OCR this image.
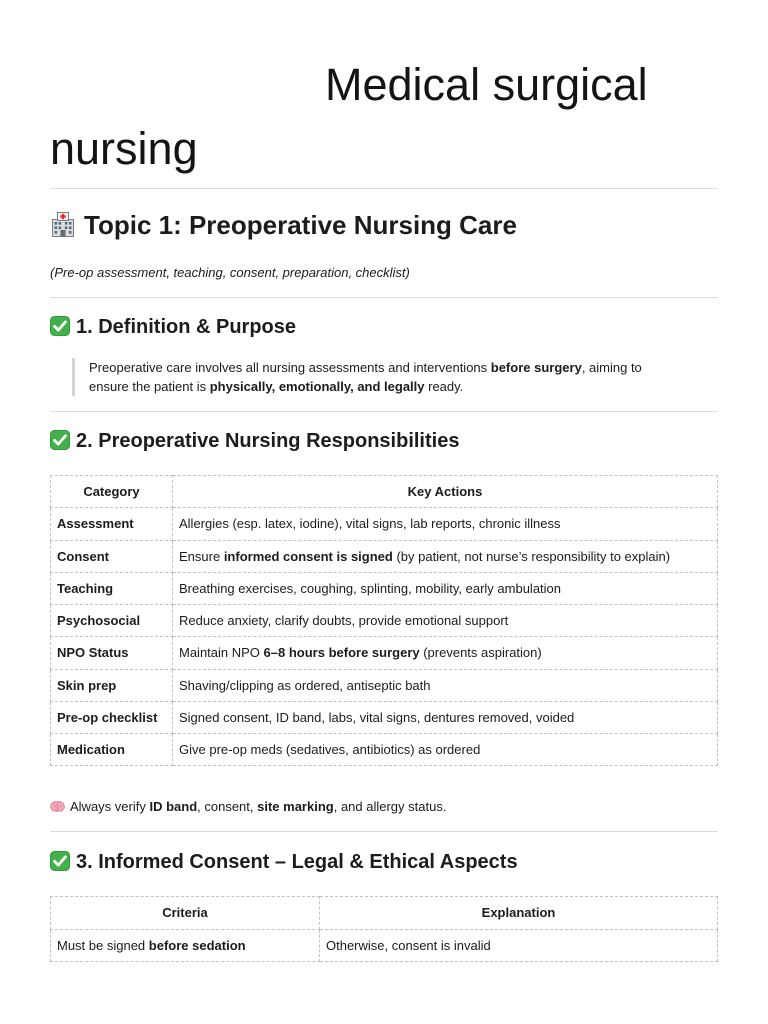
Medical surgical nursing
Topic 1: Preoperative Nursing Care

(Pre-op assessment, teaching, consent, preparation, checklist)

1. Definition & Purpose
Preoperative care involves all nursing assessments and interventions before surgery, aiming to ensure the patient is physically, emotionally, and legally ready.
2. Preoperative Nursing Responsibilities
Category	Key Actions
Assessment	Allergies (esp. latex, iodine), vital signs, lab reports, chronic illness
Consent	Ensure informed consent is signed (by patient, not nurse’s responsibility to explain)
Teaching	Breathing exercises, coughing, splinting, mobility, early ambulation
Psychosocial	Reduce anxiety, clarify doubts, provide emotional support
NPO Status	Maintain NPO 6–8 hours before surgery (prevents aspiration)
Skin prep	Shaving/clipping as ordered, antiseptic bath
Pre-op checklist	Signed consent, ID band, labs, vital signs, dentures removed, voided
Medication	Give pre-op meds (sedatives, antibiotics) as ordered

Always verify ID band, consent, site marking, and allergy status.

3. Informed Consent – Legal & Ethical Aspects
Criteria	Explanation
Must be signed before sedation	Otherwise, consent is invalid
